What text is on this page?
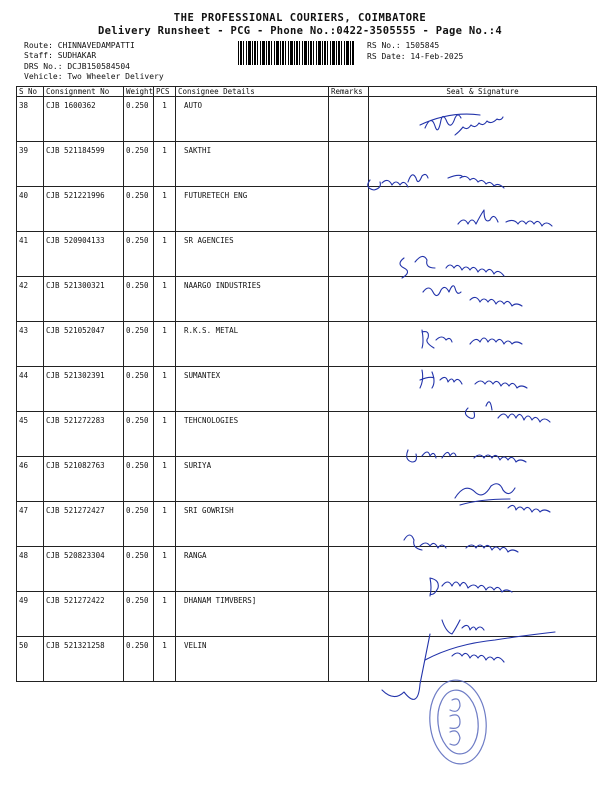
THE PROFESSIONAL COURIERS, COIMBATORE
Delivery Runsheet - PCG - Phone No.:0422-3505555 - Page No.:4
Route: CHINNAVEDAMPATTI
Staff: SUDHAKAR
DRS No.: DCJB150584504
Vehicle: Two Wheeler Delivery
RS No.: 1505845
RS Date: 14-Feb-2025
S No	Consignment No	Weight	PCS	Consignee Details	Remarks	Seal & Signature
38	CJB 1600362	0.250	1	AUTO		
39	CJB 521184599	0.250	1	SAKTHI		
40	CJB 521221996	0.250	1	FUTURETECH ENG		
41	CJB 520904133	0.250	1	SR AGENCIES		
42	CJB 521300321	0.250	1	NAARGO INDUSTRIES		
43	CJB 521052047	0.250	1	R.K.S. METAL		
44	CJB 521302391	0.250	1	SUMANTEX		
45	CJB 521272283	0.250	1	TEHCNOLOGIES		
46	CJB 521082763	0.250	1	SURIYA		
47	CJB 521272427	0.250	1	SRI GOWRISH		
48	CJB 520823304	0.250	1	RANGA		
49	CJB 521272422	0.250	1	DHANAM TIMVBERS]		
50	CJB 521321258	0.250	1	VELIN		
